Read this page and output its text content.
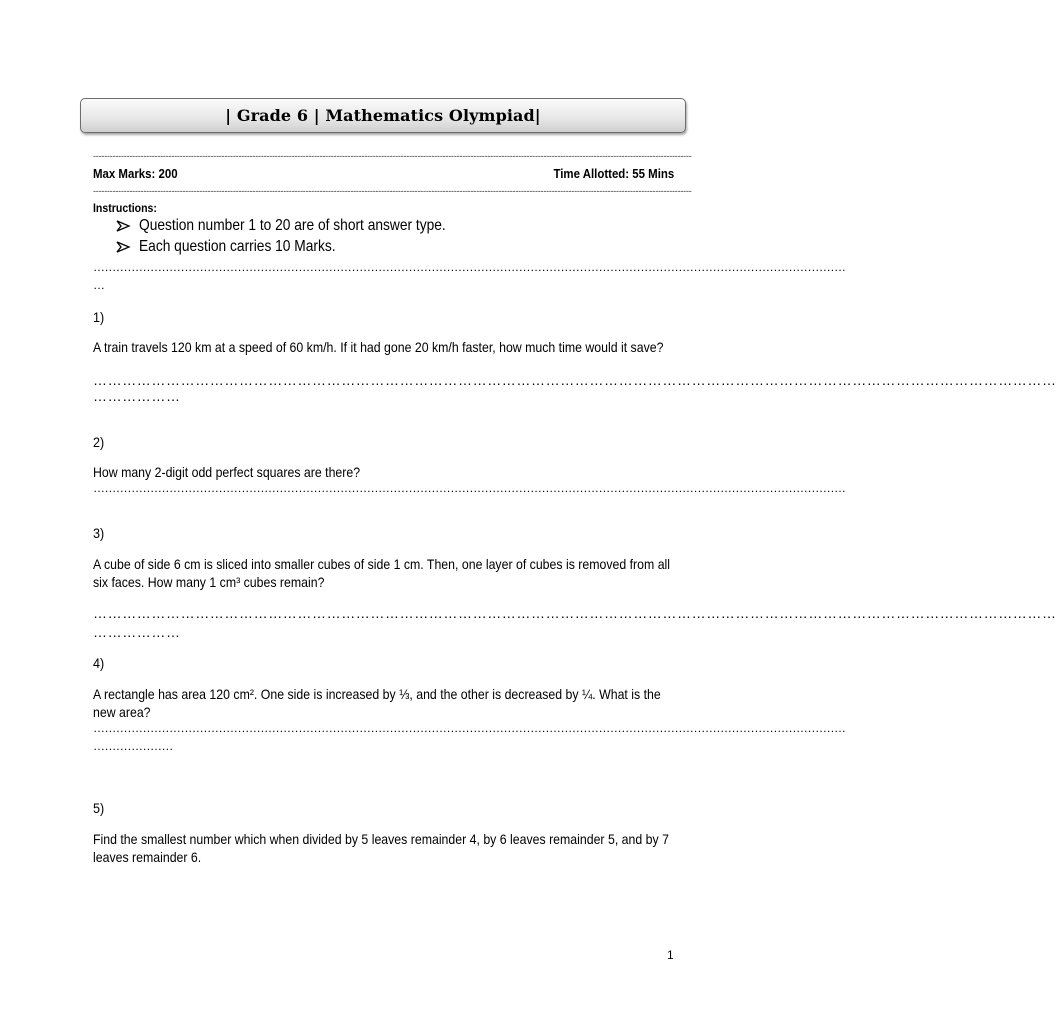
| Grade 6 | Mathematics Olympiad|
----------------------------------------------------------------------------------------------------------------------------------------------------------------------------------------------------------------------
Max Marks: 200	Time Allotted: 55 Mins
----------------------------------------------------------------------------------------------------------------------------------------------------------------------------------------------------------------------
Instructions:
Question number 1 to 20 are of short answer type.
Each question carries 10 Marks.
………………………………………………………………………………………………………………………………………………………………………………
…
1)
A train travels 120 km at a speed of 60 km/h. If it had gone 20 km/h faster, how much time would it save?
………………………………………………………………………………………………………………………………………………………………………………
………………
2)
How many 2-digit odd perfect squares are there?
………………………………………………………………………………………………………………………………………………………………………………
3)
A cube of side 6 cm is sliced into smaller cubes of side 1 cm. Then, one layer of cubes is removed from all six faces. How many 1 cm³ cubes remain?
………………………………………………………………………………………………………………………………………………………………………………
………………
4)
A rectangle has area 120 cm². One side is increased by ⅓, and the other is decreased by ¼. What is the new area?
………………………………………………………………………………………………………………………………………………………………………………
…………………
5)
Find the smallest number which when divided by 5 leaves remainder 4, by 6 leaves remainder 5, and by 7 leaves remainder 6.
1
